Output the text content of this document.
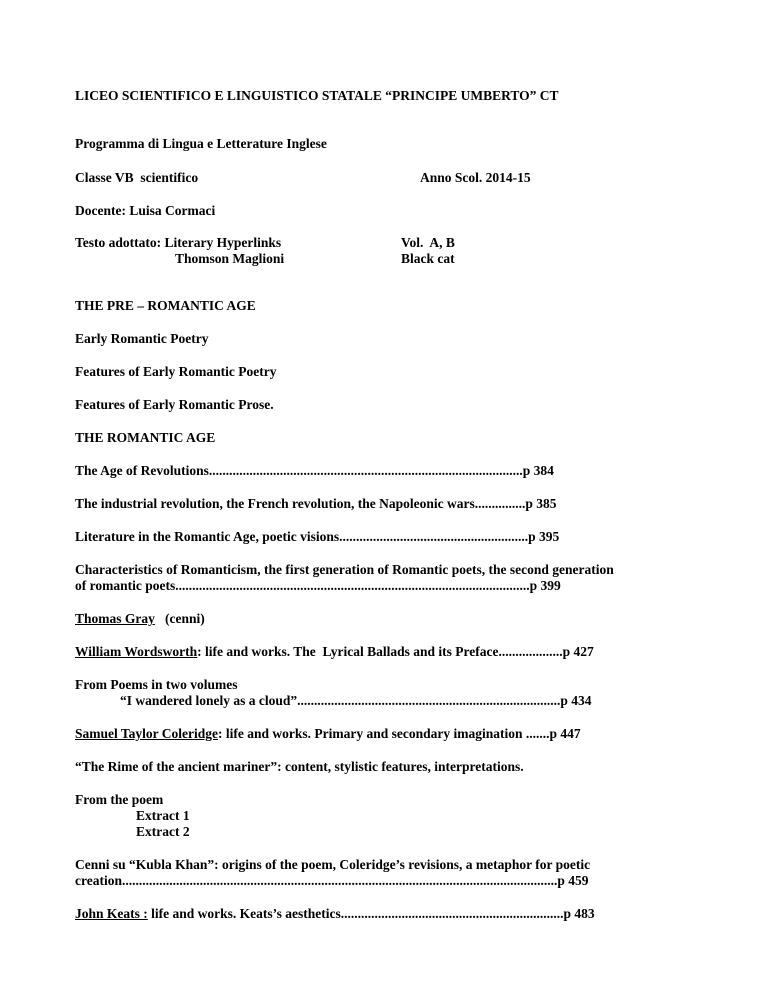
LICEO SCIENTIFICO E LINGUISTICO STATALE “PRINCIPE UMBERTO” CT
Programma di Lingua e Letterature Inglese
Classe VB  scientifico	Anno Scol. 2014-15
Docente: Luisa Cormaci
Testo adottato: Literary Hyperlinks
Thomson Maglioni
Vol.  A, B
Black cat
THE PRE – ROMANTIC AGE
Early Romantic Poetry
Features of Early Romantic Poetry
Features of Early Romantic Prose.
THE ROMANTIC AGE
The Age of Revolutions.............................................................................................p 384
The industrial revolution, the French revolution, the Napoleonic wars...............p 385
Literature in the Romantic Age, poetic visions........................................................p 395
Characteristics of Romanticism, the first generation of Romantic poets, the second generation
of romantic poets.........................................................................................................p 399
Thomas Gray   (cenni)
William Wordsworth: life and works. The  Lyrical Ballads and its Preface...................p 427
From Poems in two volumes
“I wandered lonely as a cloud”..............................................................................p 434
Samuel Taylor Coleridge: life and works. Primary and secondary imagination .......p 447
“The Rime of the ancient mariner”: content, stylistic features, interpretations.
From the poem
Extract 1
Extract 2
Cenni su “Kubla Khan”: origins of the poem, Coleridge’s revisions, a metaphor for poetic
creation.................................................................................................................................p 459
John Keats : life and works. Keats’s aesthetics..................................................................p 483
